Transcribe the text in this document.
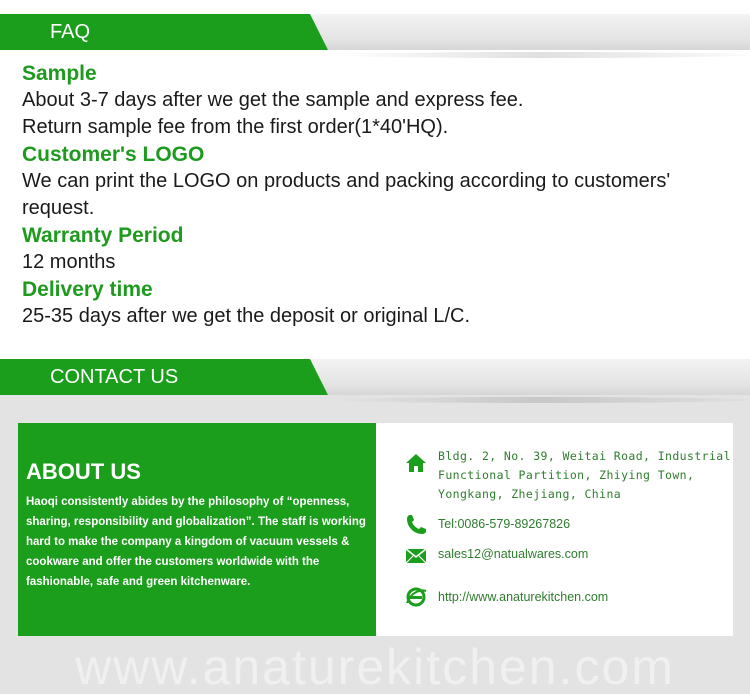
FAQ

Sample

About 3-7 days after we get the sample and express fee.

Return sample fee from the first order(1*40'HQ).

Customer's LOGO

We can print the LOGO on products and packing according to customers'

request.

Warranty Period

12 months

Delivery time

25-35 days after we get the deposit or original L/C.

CONTACT US
ABOUT US

Haoqi consistently abides by the philosophy of “openness, sharing, responsibility and globalization”. The staff is working hard to make the company a kingdom of vacuum vessels & cookware and offer the customers worldwide with the fashionable, safe and green kitchenware.

Bldg. 2, No. 39, Weitai Road, Industrial
Functional Partition, Zhiying Town,
Yongkang, Zhejiang, China
Tel:0086-579-89267826
sales12@natualwares.com
http://www.anaturekitchen.com
www.anaturekitchen.com
